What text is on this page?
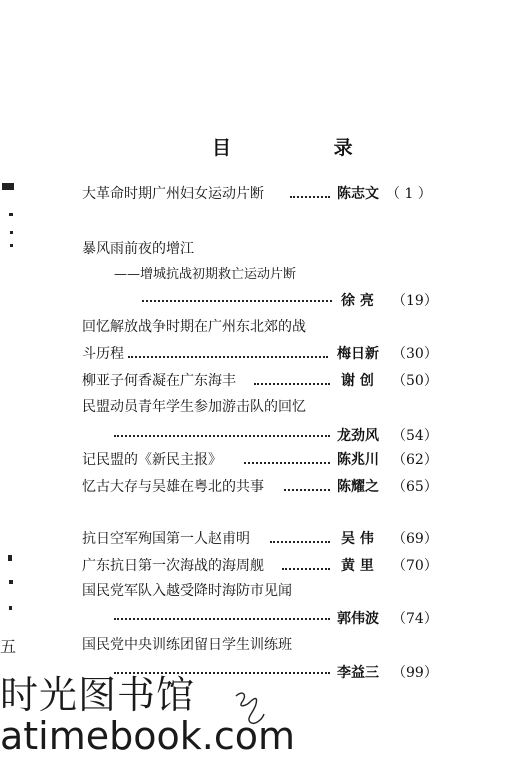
五
目 录
大革命时期广州妇女运动片断	陈志文 （ 1 ）
暴风雨前夜的增江
——增城抗战初期救亡运动片断
徐 亮 （19）
回忆解放战争时期在广州东北郊的战
斗历程	梅日新 （30）
柳亚子何香凝在广东海丰	谢 创 （50）
民盟动员青年学生参加游击队的回忆
龙劲风 （54）
记民盟的《新民主报》	陈兆川 （62）
忆古大存与吴雄在粤北的共事	陈耀之 （65）
抗日空军殉国第一人赵甫明	吴 伟 （69）
广东抗日第一次海战的海周舰	黄 里 （70）
国民党军队入越受降时海防市见闻
郭伟波 （74）
国民党中央训练团留日学生训练班
李益三 （99）
时光图书馆
atimebook.com
